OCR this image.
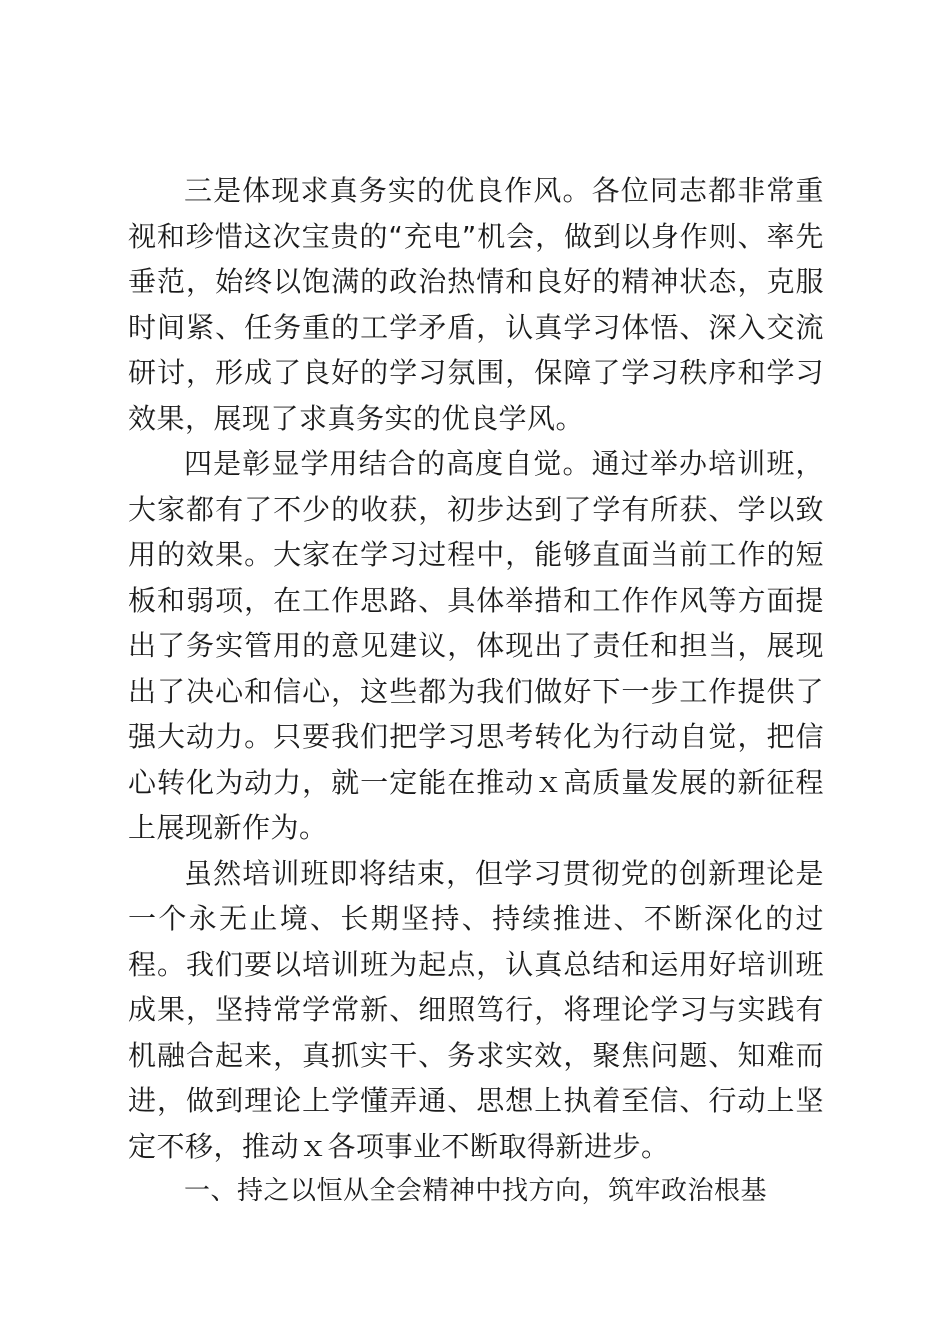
三是体现求真务实的优良作风。各位同志都非常重视和珍惜这次宝贵的“充电”机会，做到以身作则、率先垂范，始终以饱满的政治热情和良好的精神状态，克服时间紧、任务重的工学矛盾，认真学习体悟、深入交流研讨，形成了良好的学习氛围，保障了学习秩序和学习效果，展现了求真务实的优良学风。

四是彰显学用结合的高度自觉。通过举办培训班，大家都有了不少的收获，初步达到了学有所获、学以致用的效果。大家在学习过程中，能够直面当前工作的短板和弱项，在工作思路、具体举措和工作作风等方面提出了务实管用的意见建议，体现出了责任和担当，展现出了决心和信心，这些都为我们做好下一步工作提供了强大动力。只要我们把学习思考转化为行动自觉，把信心转化为动力，就一定能在推动ｘ高质量发展的新征程上展现新作为。

虽然培训班即将结束，但学习贯彻党的创新理论是一个永无止境、长期坚持、持续推进、不断深化的过程。我们要以培训班为起点，认真总结和运用好培训班成果，坚持常学常新、细照笃行，将理论学习与实践有机融合起来，真抓实干、务求实效，聚焦问题、知难而进，做到理论上学懂弄通、思想上执着至信、行动上坚定不移，推动ｘ各项事业不断取得新进步。

一、持之以恒从全会精神中找方向，筑牢政治根基
